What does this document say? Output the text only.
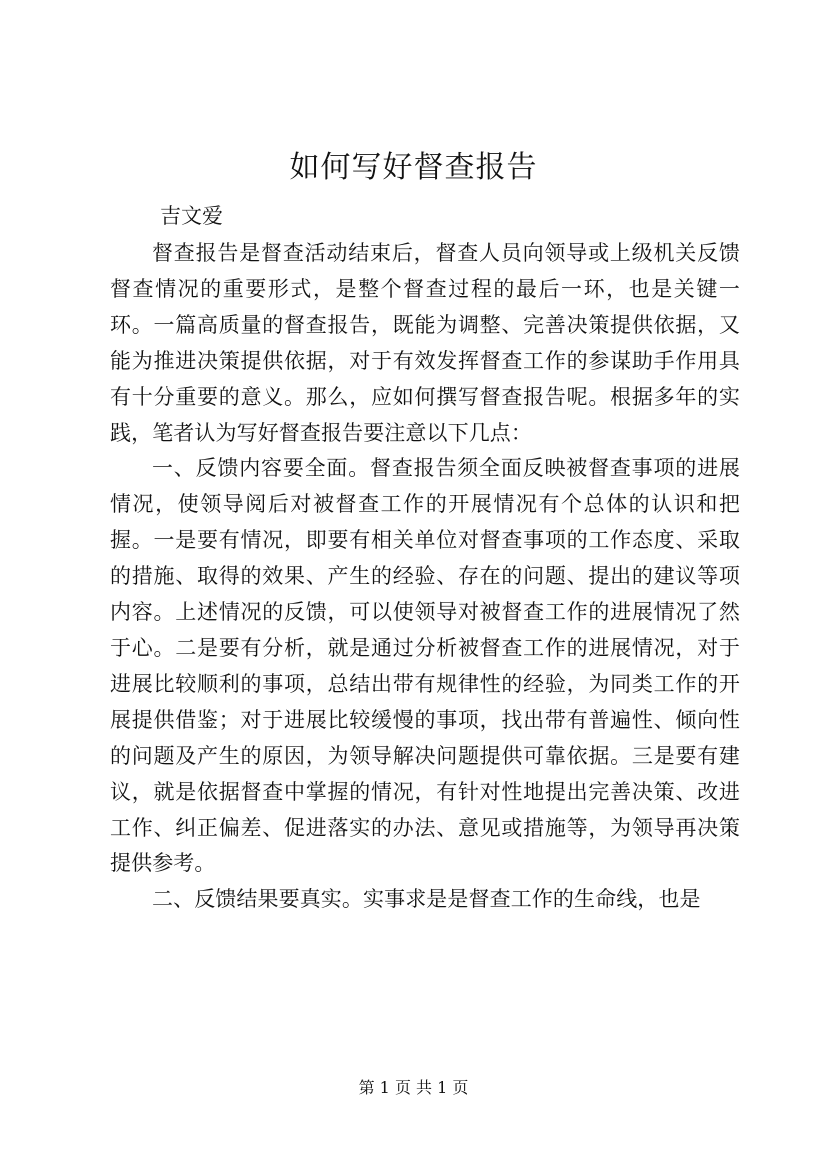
如何写好督查报告
吉文爱

督查报告是督查活动结束后，督查人员向领导或上级机关反馈督查情况的重要形式，是整个督查过程的最后一环，也是关键一环。一篇高质量的督查报告，既能为调整、完善决策提供依据，又能为推进决策提供依据，对于有效发挥督查工作的参谋助手作用具有十分重要的意义。那么，应如何撰写督查报告呢。根据多年的实践，笔者认为写好督查报告要注意以下几点：

一、反馈内容要全面。督查报告须全面反映被督查事项的进展情况，使领导阅后对被督查工作的开展情况有个总体的认识和把握。一是要有情况，即要有相关单位对督查事项的工作态度、采取的措施、取得的效果、产生的经验、存在的问题、提出的建议等项内容。上述情况的反馈，可以使领导对被督查工作的进展情况了然于心。二是要有分析，就是通过分析被督查工作的进展情况，对于进展比较顺利的事项，总结出带有规律性的经验，为同类工作的开展提供借鉴；对于进展比较缓慢的事项，找出带有普遍性、倾向性的问题及产生的原因，为领导解决问题提供可靠依据。三是要有建议，就是依据督查中掌握的情况，有针对性地提出完善决策、改进工作、纠正偏差、促进落实的办法、意见或措施等，为领导再决策提供参考。

二、反馈结果要真实。实事求是是督查工作的生命线，也是

第 1 页 共 1 页
